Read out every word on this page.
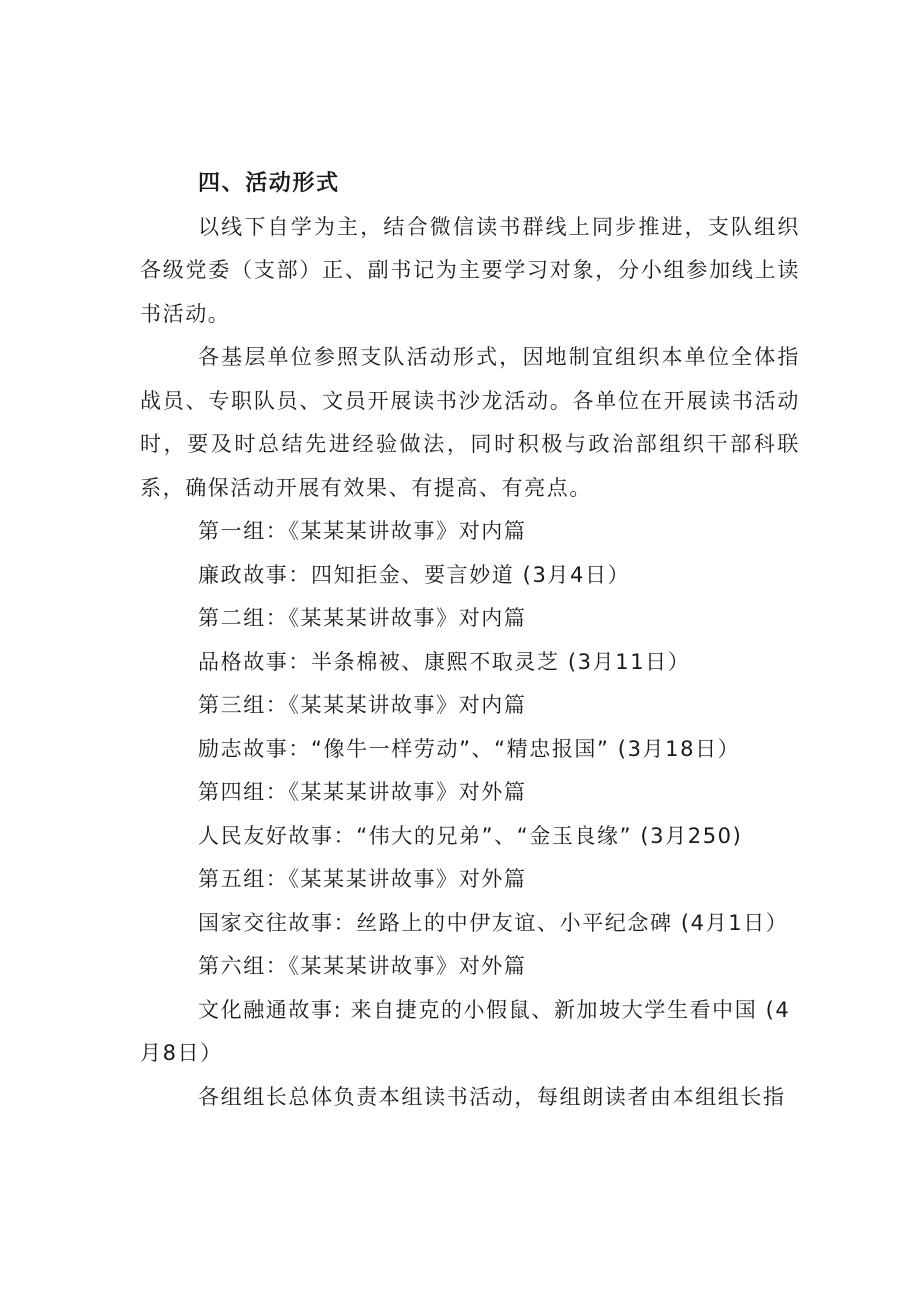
四、活动形式

以线下自学为主，结合微信读书群线上同步推进，支队组织各级党委（支部）正、副书记为主要学习对象，分小组参加线上读书活动。

各基层单位参照支队活动形式，因地制宜组织本单位全体指战员、专职队员、文员开展读书沙龙活动。各单位在开展读书活动时，要及时总结先进经验做法，同时积极与政治部组织干部科联系，确保活动开展有效果、有提高、有亮点。

第一组：《某某某讲故事》对内篇

廉政故事：四知拒金、要言妙道 (3月4日）

第二组：《某某某讲故事》对内篇

品格故事：半条棉被、康熙不取灵芝 (3月11日）

第三组：《某某某讲故事》对内篇

励志故事：“像牛一样劳动”、“精忠报国” (3月18日）

第四组：《某某某讲故事》对外篇

人民友好故事：“伟大的兄弟”、“金玉良缘” (3月250)

第五组：《某某某讲故事》对外篇

国家交往故事：丝路上的中伊友谊、小平纪念碑 (4月1日）

第六组：《某某某讲故事》对外篇

文化融通故事: 来自捷克的小假鼠、新加坡大学生看中国 (4月8日）

各组组长总体负责本组读书活动，每组朗读者由本组组长指
